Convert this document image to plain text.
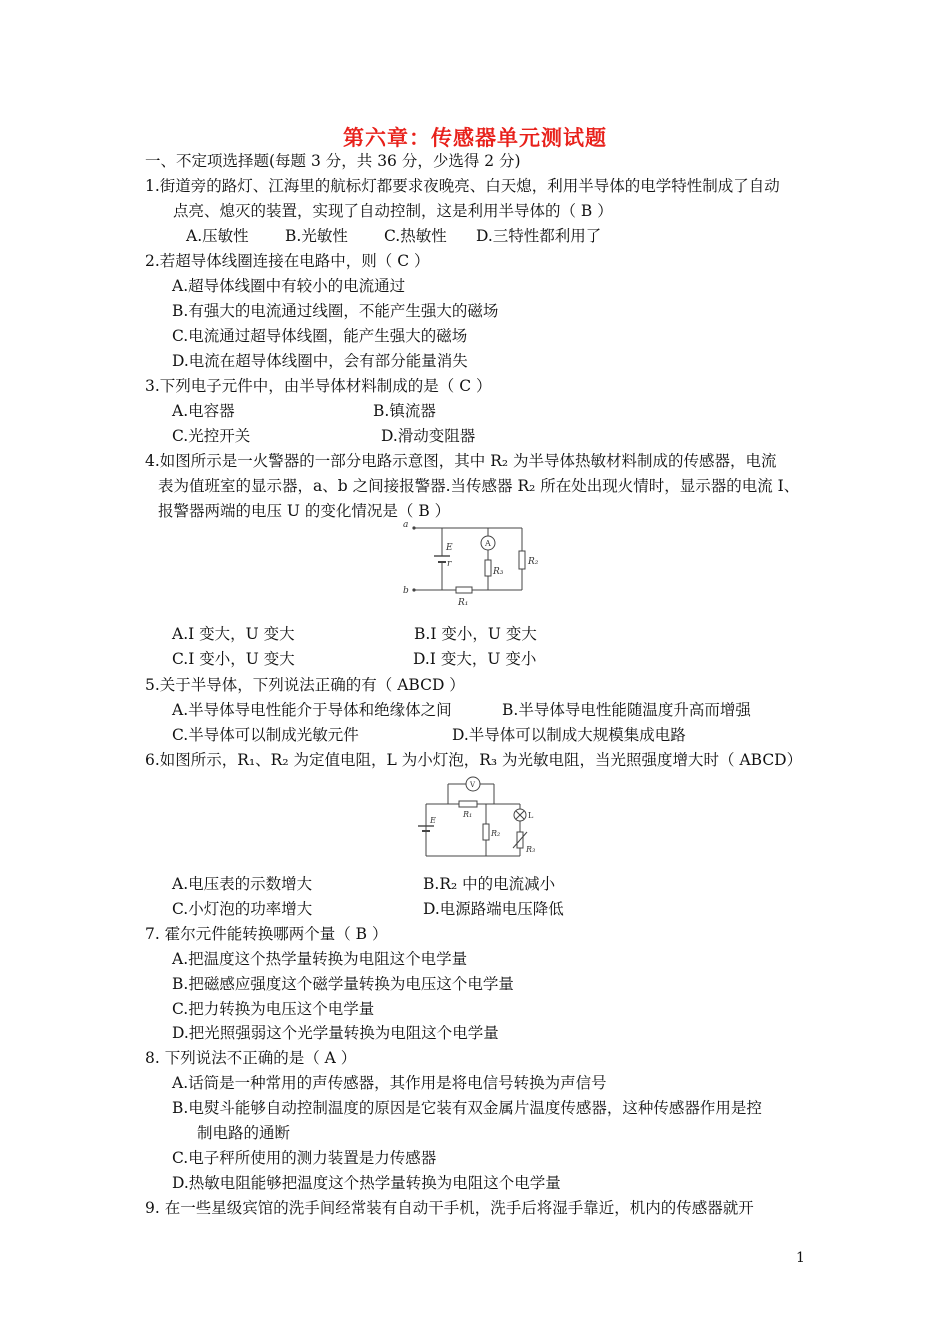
第六章：传感器单元测试题
一、不定项选择题(每题 3 分，共 36 分，少选得 2 分)
1.街道旁的路灯、江海里的航标灯都要求夜晚亮、白天熄，利用半导体的电学特性制成了自动
点亮、熄灭的装置，实现了自动控制，这是利用半导体的（ B ）
A.压敏性 B.光敏性 C.热敏性 D.三特性都利用了
2.若超导体线圈连接在电路中，则（ C ）
A.超导体线圈中有较小的电流通过
B.有强大的电流通过线圈，不能产生强大的磁场
C.电流通过超导体线圈，能产生强大的磁场
D.电流在超导体线圈中，会有部分能量消失
3.下列电子元件中，由半导体材料制成的是（ C ）
A.电容器	B.镇流器
C.光控开关	D.滑动变阻器
4.如图所示是一火警器的一部分电路示意图，其中 R₂ 为半导体热敏材料制成的传感器，电流
表为值班室的显示器，a、b 之间接报警器.当传感器 R₂ 所在处出现火情时，显示器的电流 I、
报警器两端的电压 U 的变化情况是（ B ）
a
b
E
r
A
R₃
R₂
R₁
A.I 变大，U 变大	B.I 变小，U 变大
C.I 变小，U 变大	D.I 变大，U 变小
5.关于半导体，下列说法正确的有（ ABCD ）
A.半导体导电性能介于导体和绝缘体之间	B.半导体导电性能随温度升高而增强
C.半导体可以制成光敏元件	D.半导体可以制成大规模集成电路
6.如图所示，R₁、R₂ 为定值电阻，L 为小灯泡，R₃ 为光敏电阻，当光照强度增大时（ ABCD）
V
E
R₁
R₂
L
R₃
A.电压表的示数增大	B.R₂ 中的电流减小
C.小灯泡的功率增大	D.电源路端电压降低
7. 霍尔元件能转换哪两个量（ B ）
A.把温度这个热学量转换为电阻这个电学量
B.把磁感应强度这个磁学量转换为电压这个电学量
C.把力转换为电压这个电学量
D.把光照强弱这个光学量转换为电阻这个电学量
8. 下列说法不正确的是（ A ）
A.话筒是一种常用的声传感器，其作用是将电信号转换为声信号
B.电熨斗能够自动控制温度的原因是它装有双金属片温度传感器，这种传感器作用是控
制电路的通断
C.电子秤所使用的测力装置是力传感器
D.热敏电阻能够把温度这个热学量转换为电阻这个电学量
9. 在一些星级宾馆的洗手间经常装有自动干手机，洗手后将湿手靠近，机内的传感器就开
1
